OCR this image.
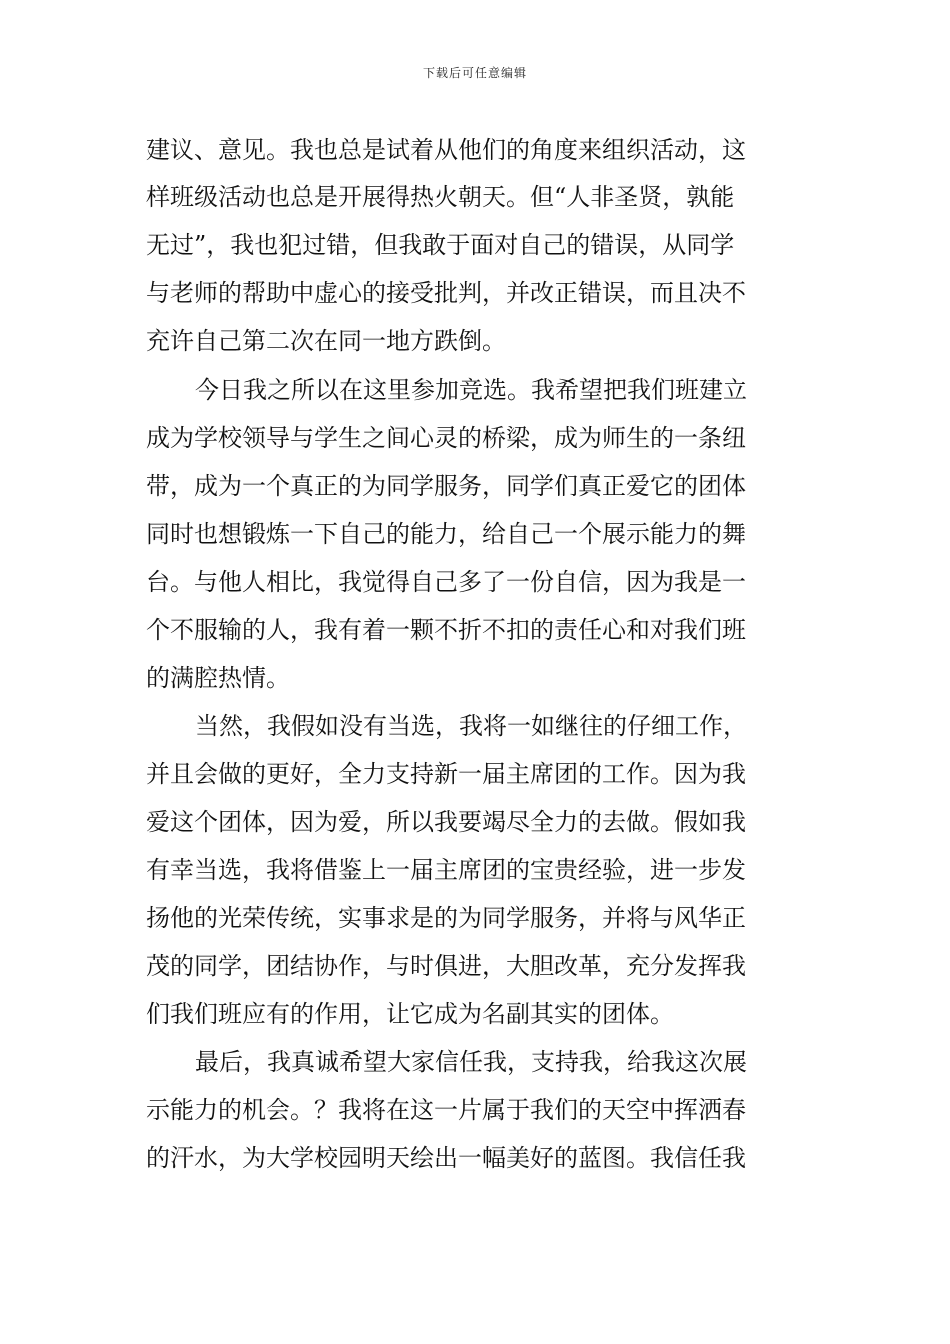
下载后可任意编辑
建议、意见。我也总是试着从他们的角度来组织活动，这
样班级活动也总是开展得热火朝天。但“人非圣贤，孰能
无过”，我也犯过错，但我敢于面对自己的错误，从同学
与老师的帮助中虚心的接受批判，并改正错误，而且决不
充许自己第二次在同一地方跌倒。
今日我之所以在这里参加竞选。我希望把我们班建立
成为学校领导与学生之间心灵的桥梁，成为师生的一条纽
带，成为一个真正的为同学服务，同学们真正爱它的团体
同时也想锻炼一下自己的能力，给自己一个展示能力的舞
台。与他人相比，我觉得自己多了一份自信，因为我是一
个不服输的人，我有着一颗不折不扣的责任心和对我们班
的满腔热情。
当然，我假如没有当选，我将一如继往的仔细工作，
并且会做的更好，全力支持新一届主席团的工作。因为我
爱这个团体，因为爱，所以我要竭尽全力的去做。假如我
有幸当选，我将借鉴上一届主席团的宝贵经验，进一步发
扬他的光荣传统，实事求是的为同学服务，并将与风华正
茂的同学，团结协作，与时俱进，大胆改革，充分发挥我
们我们班应有的作用，让它成为名副其实的团体。
最后，我真诚希望大家信任我，支持我，给我这次展
示能力的机会。？我将在这一片属于我们的天空中挥洒春
的汗水，为大学校园明天绘出一幅美好的蓝图。我信任我
